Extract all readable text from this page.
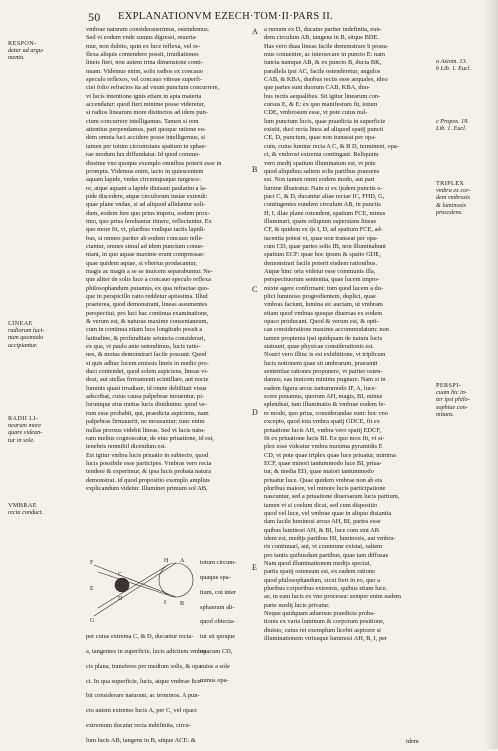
50 EXPLANATIONVM EZECH·TOM·II·PARS II.
RESPON-
detur ad argu-
menta.
LINEAE
radiorum luci-
num quomodo
accipiantur.
RADII LI-
nearum more
quare videan-
tur in sole.
VMBRAE
recta conduct.
a Axiom. 13.
b Lib. 1. Eucl.
c Propos. 19.
Lib. 1. Eucl.
TRIPLEX
vmbra ex cor-
dem vmbrosis
& luminosis
procedens.
PERSPI-
cuam hic in-
ter ipsi philo-
sophiae con-
mitans.
A
B
C
D
E

vmbrae naturam considerauerimus, ostendemus.

Sed vt eodem vnde sumus digressi, reuerta-

mur, non dubito, quin ex luce reflexa, vel re-

flexa aliquis contendere possit, irradiationes

lineis fieri, non autem trina dimensione conti-

nuam. Videmus enim, solis radios ex concauo

speculo reflexos, vel concauo vitreae superfi-

ciei folio refractos ita ad vnum punctum concurrere,

vt lucis intentione ignis etiam in apta materia

accendatur: quod fieri minime posse videretur,

si radios linearum more distinctos ad idem pun-

ctum concurrere intelligamus. Tamen si rem

attentius perpendamus, pari quoque ratione eu-

dem omnia luci accidere posse intelligemus, si

tamen per totum circumstans spatium in sphae-

rae modum lux diffundatur. Id quod commo-

dissime vno quoque exemplo omnibus poterit esse in

promptu. Videmus enim, iacto in quiescentem

aquam lapide, vndas circumquaque turgesce-

re, atque aquam a lapide diuisam paulatim a la-

pide discedere, atque circulorum instar extendi:

quae plane vndae, si ad aliquod allidantur soli-

dum, eodem fere quo prius impetu, eodem prox-

imo, quo prius ferebantur itinere, reflectuntur. Ex

quo more fit, vt, pluribus vndique iactis lapidi-

bus, si omnes pariter ab eodem concauo refle-

ctantur, omnes simul ad idem punctum conue-

niant, in quo aquae maxime erunt compressae:

quae quidem aquae, si vlterius prodacantur,

magis ac magis a se se inuicem separabuntur. Ne-

que aliter de solis luce a concauo speculo reflexa

philosophandum putamus, ex qua refractae quo-

que in perspicillo ratio reddetur aptissima. Illud

praeterea, quod demonstrant, lineas assumentes

perspectiui, pro luci hac continua examinatione,

& verum est, & naturae maxime consentaneum,

cum in continua etiam luce longitudo possit a

latitudine, & profunditate seiuncta considerari,

ex qua, vt paulo ante ostendimus, lucis ratio-

nes, & motus demonstrari facile possunt. Quod

si quis adhuc lucem emissis lineis in medio pro-

duci contendet, quod solem aspiciens, lineas vi-

deat, aut stellas firmamenti scintillare, aut nocte

luminis quasi irradiare, id omne debilitati visus

adscribat, cuius causa palpebrae mouentur, pi-

lorumque eius motus lucis diuiduntur. quod ve-

rum esse probabit, qui, praedicta aspiciens, nam

palpebras firmauerit, ne moueantur: tunc enim

nullas prorsus videbit lineas. Sed vt lucis natu-

ram melius cognoscatur, de eius priuatione, id est,

tenebris nonnihil dicendum est.

Est igitur vmbra lucis priuatio in subiecto, quod

lucis possibile esse participes. Vmbras vero recta

tendere & experimur, & ipsa lucis probata natura

demonstrat. id quod propositio exemplo amplius

explicandum videtur. Illuminet primum sol AB,

A
B
C
D
E
F
G
H
I

totum circum-

quaque spa-

tium, cui inter

sphaeram ali-

quod obiecta-

tur sit quoque

opacum CD,

cuius a sole

minus opa-

per cuius extrema C, & D, ducantur recta-

a, tangentes in superficie, lucis adicitem vmbra

cis plana, transferes per medium solis, & opa-

ci. In qua superficie, lucis, atque vmbrae lice-

bit considerare naturam, ac terminos. A pun-

cto autem extremo lucis A, per C, vel opaci

extremum ducatur recta indefinita, circu-

lum lucis AB, tangens in B, sitque ACE: &

a rursum ex D, ducatur pariter indefinita, eun-

dem circulum AB, tangens in B, sitque BDE.

Has vero duas lineas facile demonstrare b possu-

mus conuenire, ac intersecare in puncto E: nam

iuncta namque AB, & ex puncto B, ducta BK,

parallela ipsi AC, facile ostenderetur, angulos

CAB, & KBA, duobus rectis esse aequales, ideo

que partes sunt duorum CAB, KBA, duo-

bus rectis aequalibus. Sit igitur linearum con-

cursus E, & E: ex quo manifestum fit, totum

CDE, vmbrosum esse, vt pote cuius nul-

lum punctum lucis, quae praedicta in superficie

existit, duci recta linea ad aliquod spatij puncti

CE, D, punctum, quae non transeat per opa-

cum, cuius lumine recta A C, & B D, terminent, opa-

ci, & vmbrosi extrema contingant. Reliquum

vero medij spatium illuminatum est, vt pote

quod aliquibus saltem solis partibus praesens

est. Non tamen omni eodem modo, aut pari

lumine illustratur. Nam si ex ijsdem punctis o-

paci C, & D, ducantur aliae rectae IC, FHD, G,

contingentes eundem circulum AB, in punctis

H, I, illae plane ostendent, spatium FCE, minus

illuminari, quam reliquum superstans lineae

CF, & quidem ex ijs I, D, ad spatium FCE, ad-

iacentia potest vt, quae non transeat per opa-

cum CD, quae partes solis IB, non illuminabunt

spatium ECF: quae hoc ipsum & spatio GDE,

demonstrari facile poterit eisdem rationibus.

Atque hinc orta videtur esse communis illa,

perspectiuorum sententia, quae lucem impro-

mixte agere confirmant: tum quod lucem a du-

plici luminoso progredientem, duplici, quae

vmbras faciunt, lumina sic auctam, ut vmbram

etiam quod vmbras quoque diuersas ex eodem

opaco producant. Quod & verum est, & opti-

cae consideratione maxime accommodatum: non

tamen propterea ipsi quidquam de natura lucis

statuunt, quae physicae considerationis est.

Nostri vero illinc is est exhibitione, vt triplicem

lucis notionem quae sit umbrarum, praesenti

sententiae rationes proponere, vt pariter osten-

damus, eas inuicem minime pugnare. Nam si in

eadem figura arcus tantummodo IF, A, luce-

scere ponamus, quorum AH, magis, BI, minus

splendeat, tum illuminatio & vmbrae eodem fe-

re modo, quo prius, considerandae sunt: hoc vno

excepto, quod tota vmbra spatij GDCE, fit ex

priuatione lucis AH, vmbra vero spatij EDCF,

fit ex priuatione lucis BI. Ex quo mox fit, vt si-

plex esse videatur vmbra maxima pyramidis E

CD, vt pote quae triplex quae luce priuatur, minima

ECF, quae minori tantummodo luce BI, priua-

tur, & media ED, quae maiori tantummodo

priuatur luce. Quae quidem vmbrae non ab eis

pluribus maiore, vel minore lucis participatione

nascuntur, sed a priuatione diuersarum lucis partium,

tamen vt si coelum dicat, sed cum dispositio

quod vel luce, vel vmbrae quae in aliquo distantia

dam facile luminosi arcus AH, BI, partes esse

quibus luminosi AH, & BI, luce cum sint AB

idem est, medijs partibus HI, luminosis, aut vmbra-

ris continuari, aut, vt commune existat, saltem

pro tantis quibusdam partibus, quae tam diffusae

Nam quod illuminationem medijs spectat,

partis spatij ostensum est, ex eadem ratione

quod philosophandum, sicut fieri in eo, quo a

pluribus corporibus extremis, quibus etiam luce.

ae, in eam lucis ex vno processu: semper enim eadem

parte medij lucis privatur.

Neque quidquam aduersus praedicta proba-

tionis ex varia luminum & corporum positione,

diuisio, cuius rei exemplum licebit aspicere si

illuminationem vtriusque luminosi AH, B, I, per

idem
